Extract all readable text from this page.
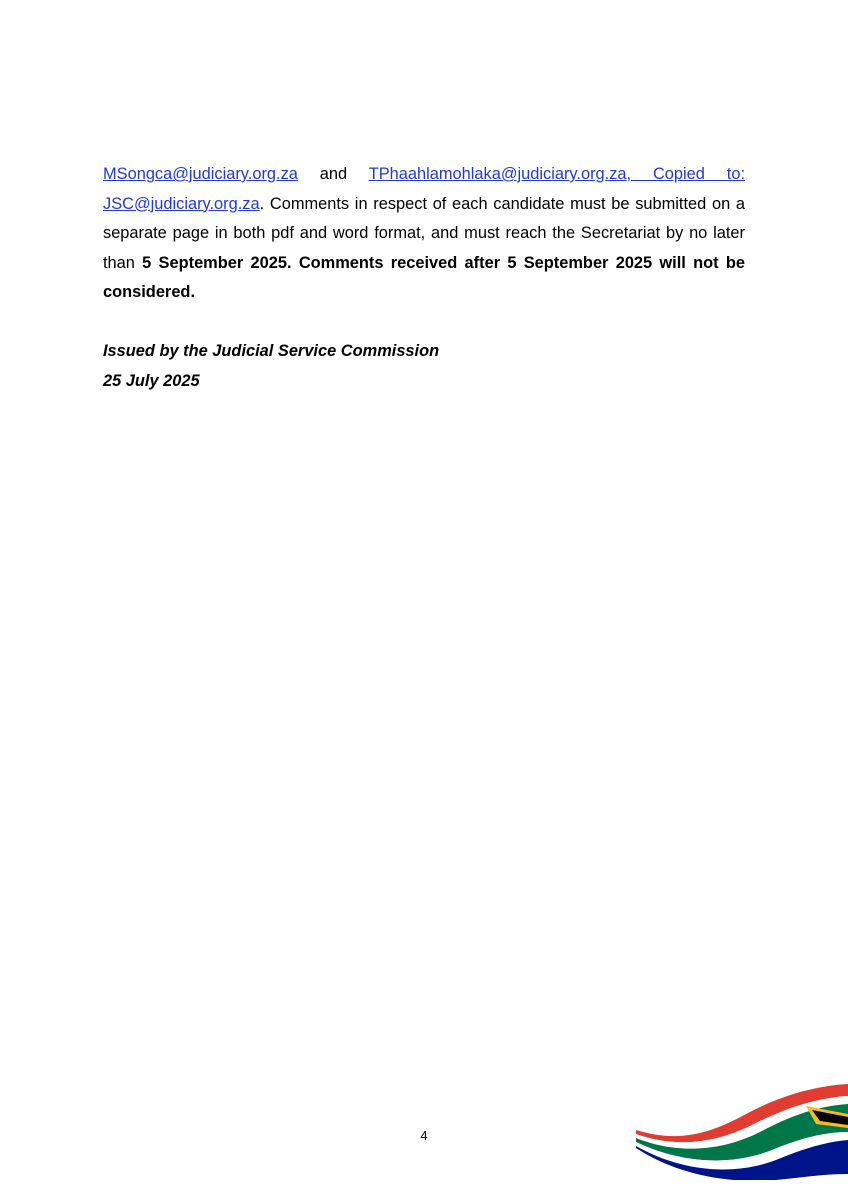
MSongca@judiciary.org.za and TPhaahlamohlaka@judiciary.org.za, Copied to: JSC@judiciary.org.za. Comments in respect of each candidate must be submitted on a separate page in both pdf and word format, and must reach the Secretariat by no later than 5 September 2025. Comments received after 5 September 2025 will not be considered.

Issued by the Judicial Service Commission
25 July 2025
4
